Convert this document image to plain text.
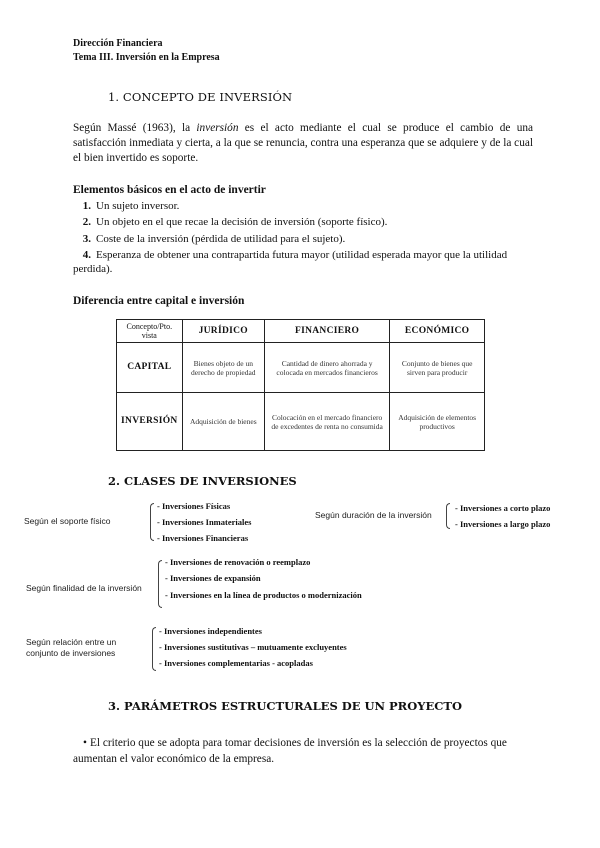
Dirección Financiera
Tema III. Inversión en la Empresa
1. CONCEPTO DE INVERSIÓN
Según Massé (1963), la inversión es el acto mediante el cual se produce el cambio de una satisfacción inmediata y cierta, a la que se renuncia, contra una esperanza que se adquiere y de la cual el bien invertido es soporte.
Elementos básicos en el acto de invertir
1. Un sujeto inversor.
2. Un objeto en el que recae la decisión de inversión (soporte físico).
3. Coste de la inversión (pérdida de utilidad para el sujeto).
4. Esperanza de obtener una contrapartida futura mayor (utilidad esperada mayor que la utilidad perdida).
Diferencia entre capital e inversión
Concepto/Pto. vista	JURÍDICO	FINANCIERO	ECONÓMICO
CAPITAL	Bienes objeto de un derecho de propiedad	Cantidad de dinero ahorrada y colocada en mercados financieros	Conjunto de bienes que sirven para producir
INVERSIÓN	Adquisición de bienes	Colocación en el mercado financiero de excedentes de renta no consumida	Adquisición de elementos productivos
2. CLASES DE INVERSIONES
Según el soporte físico
- Inversiones Físicas
- Inversiones Inmateriales
- Inversiones Financieras
Según duración de la inversión
- Inversiones a corto plazo
- Inversiones a largo plazo
Según finalidad de la inversión
- Inversiones de renovación o reemplazo
- Inversiones de expansión
- Inversiones en la línea de productos o modernización
Según relación entre un
conjunto de inversiones
- Inversiones independientes
- Inversiones sustitutivas – mutuamente excluyentes
- Inversiones complementarias - acopladas
3. PARÁMETROS ESTRUCTURALES DE UN PROYECTO
• El criterio que se adopta para tomar decisiones de inversión es la selección de proyectos que aumentan el valor económico de la empresa.
